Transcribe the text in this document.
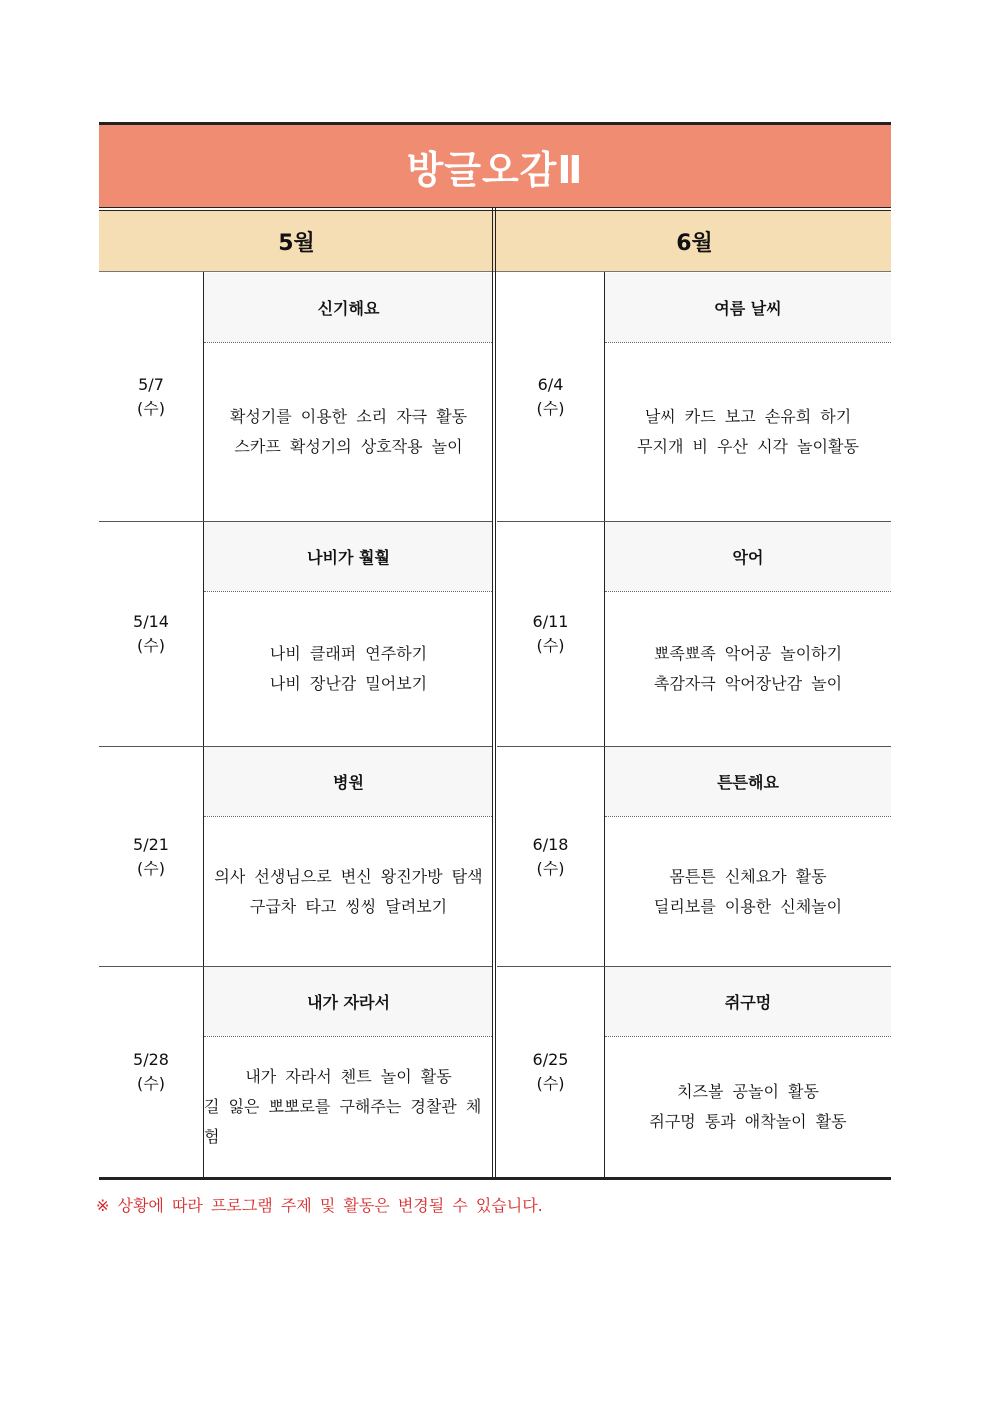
방글오감Ⅱ
5월	6월
5/7
(수)
신기해요
확성기를 이용한 소리 자극 활동
스카프 확성기의 상호작용 놀이
6/4
(수)
여름 날씨
날씨 카드 보고 손유희 하기
무지개 비 우산 시각 놀이활동
5/14
(수)
나비가 훨훨
나비 클래퍼 연주하기
나비 장난감 밀어보기
6/11
(수)
악어
뾰족뾰족 악어공 놀이하기
촉감자극 악어장난감 놀이
5/21
(수)
병원
의사 선생님으로 변신 왕진가방 탐색
구급차 타고 씽씽 달려보기
6/18
(수)
튼튼해요
몸튼튼 신체요가 활동
딜리보를 이용한 신체놀이
5/28
(수)
내가 자라서
내가 자라서 첸트 놀이 활동
길 잃은 뽀뽀로를 구해주는 경찰관 체험
6/25
(수)
쥐구멍
치즈볼 공놀이 활동
쥐구멍 통과 애착놀이 활동
※ 상황에 따라 프로그램 주제 및 활동은 변경될 수 있습니다.
